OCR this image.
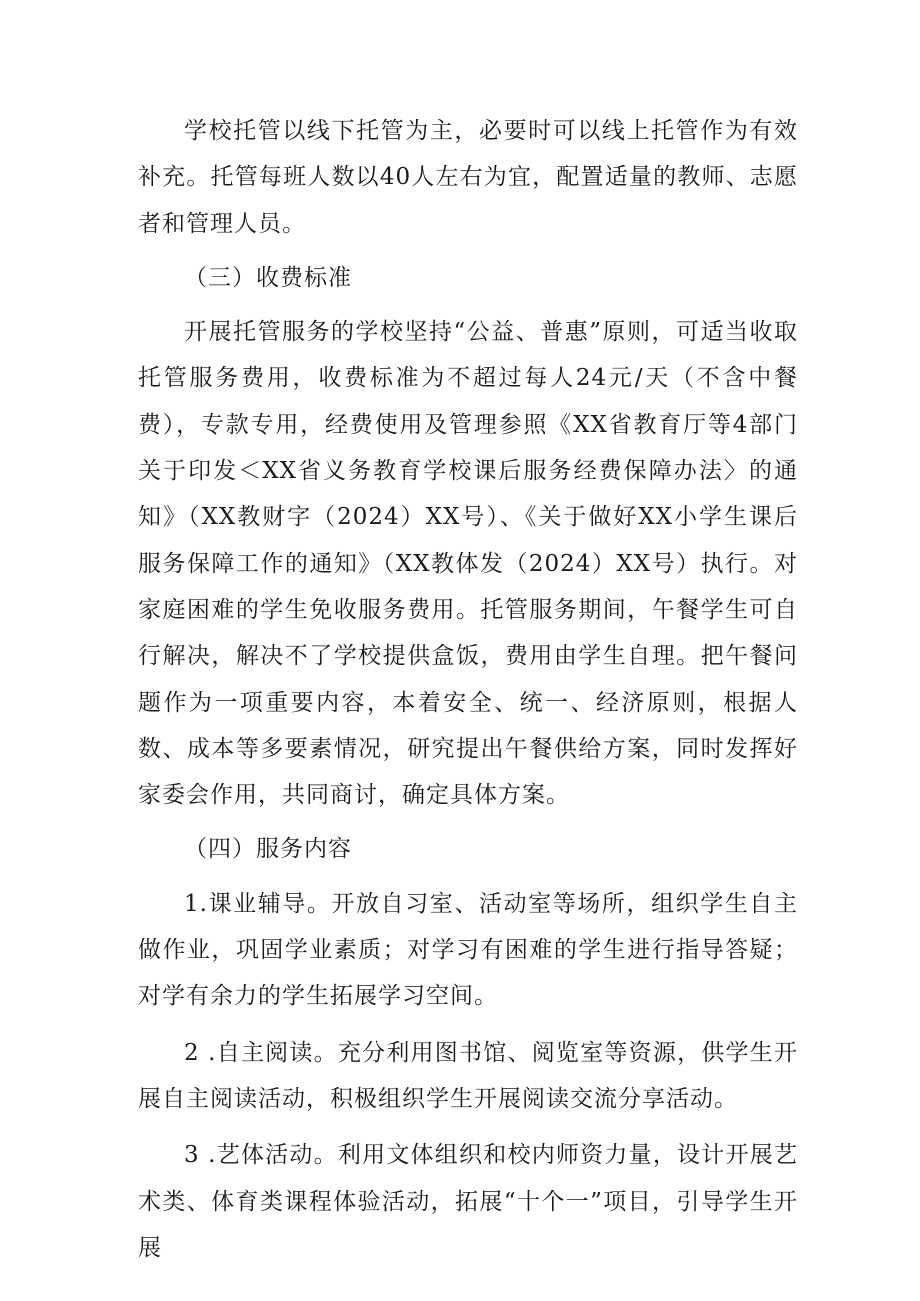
学校托管以线下托管为主，必要时可以线上托管作为有效补充。托管每班人数以40人左右为宜，配置适量的教师、志愿者和管理人员。

（三）收费标准

开展托管服务的学校坚持“公益、普惠”原则，可适当收取托管服务费用，收费标准为不超过每人24元/天（不含中餐费），专款专用，经费使用及管理参照《XX省教育厅等4部门关于印发＜XX省义务教育学校课后服务经费保障办法〉的通知》（XX教财字（2024）XX号）、《关于做好XX小学生课后服务保障工作的通知》（XX教体发（2024）XX号）执行。对家庭困难的学生免收服务费用。托管服务期间，午餐学生可自行解决，解决不了学校提供盒饭，费用由学生自理。把午餐问题作为一项重要内容，本着安全、统一、经济原则，根据人数、成本等多要素情况，研究提出午餐供给方案，同时发挥好家委会作用，共同商讨，确定具体方案。

（四）服务内容

1.课业辅导。开放自习室、活动室等场所，组织学生自主做作业，巩固学业素质；对学习有困难的学生进行指导答疑；对学有余力的学生拓展学习空间。

2 .自主阅读。充分利用图书馆、阅览室等资源，供学生开展自主阅读活动，积极组织学生开展阅读交流分享活动。

3 .艺体活动。利用文体组织和校内师资力量，设计开展艺术类、体育类课程体验活动，拓展“十个一”项目，引导学生开展
